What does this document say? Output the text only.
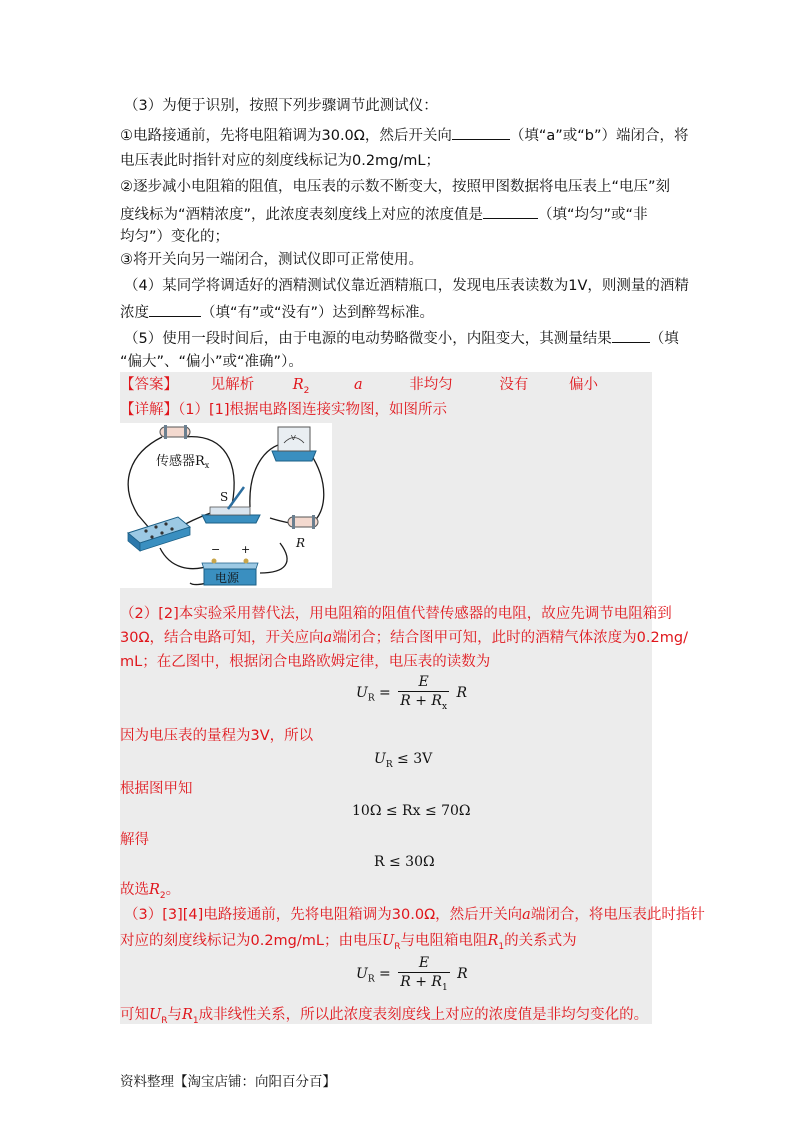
（3）为便于识别，按照下列步骤调节此测试仪：
①电路接通前，先将电阻箱调为30.0Ω，然后开关向	（填“a”或“b”）端闭合，将
电压表此时指针对应的刻度线标记为0.2mg/mL；
②逐步减小电阻箱的阻值，电压表的示数不断变大，按照甲图数据将电压表上“电压”刻
度线标为“酒精浓度”，此浓度表刻度线上对应的浓度值是	（填“均匀”或“非
均匀”）变化的；
③将开关向另一端闭合，测试仪即可正常使用。
（4）某同学将调适好的酒精测试仪靠近酒精瓶口，发现电压表读数为1V，则测量的酒精
浓度	（填“有”或“没有”）达到醉驾标准。
（5）使用一段时间后，由于电源的电动势略微变小，内阻变大，其测量结果	（填
“偏大”、“偏小”或“准确”）。
【答案】 见解析	$R_2$	a	非均匀	没有	偏小
【详解】（1）[1]根据电路图连接实物图，如图所示
传感器$R_x$
V
S
R
− +
电源
（2）[2]本实验采用替代法，用电阻箱的阻值代替传感器的电阻，故应先调节电阻箱到
30Ω，结合电路可知，开关应向a端闭合；结合图甲可知，此时的酒精气体浓度为0.2mg/
mL；在乙图中，根据闭合电路欧姆定律，电压表的读数为
$U_R = \frac{E}{R + R_x}$ R
因为电压表的量程为3V，所以
$U_R \le 3V$
根据图甲知
10Ω ≤ Rx ≤ 70Ω
解得
R ≤ 30Ω
故选$R_2$。
（3）[3][4]电路接通前，先将电阻箱调为30.0Ω，然后开关向a端闭合，将电压表此时指针
对应的刻度线标记为0.2mg/mL；由电压$U_R$与电阻箱电阻$R_1$的关系式为
$U_R = \frac{E}{R + R_1}$ R
可知$U_R$与$R_1$成非线性关系，所以此浓度表刻度线上对应的浓度值是非均匀变化的。
资料整理【淘宝店铺：向阳百分百】
